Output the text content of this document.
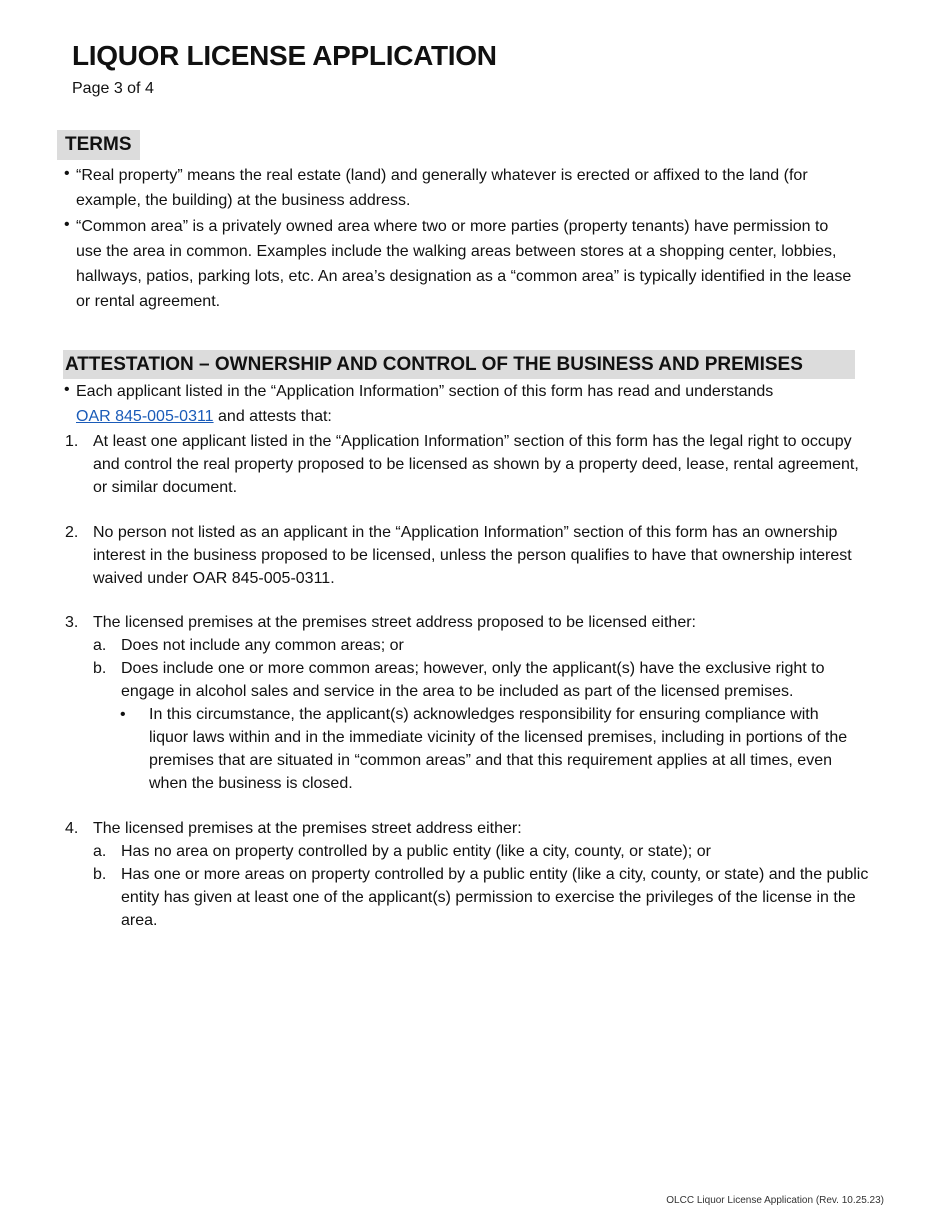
LIQUOR LICENSE APPLICATION
Page 3 of 4
TERMS
• “Real property” means the real estate (land) and generally whatever is erected or affixed to the land (for example, the building) at the business address.
• “Common area” is a privately owned area where two or more parties (property tenants) have permission to use the area in common. Examples include the walking areas between stores at a shopping center, lobbies, hallways, patios, parking lots, etc. An area’s designation as a “common area” is typically identified in the lease or rental agreement.
ATTESTATION – OWNERSHIP AND CONTROL OF THE BUSINESS AND PREMISES
• Each applicant listed in the “Application Information” section of this form has read and understands
OAR 845-005-0311 and attests that:
1. At least one applicant listed in the “Application Information” section of this form has the legal right to occupy and control the real property proposed to be licensed as shown by a property deed, lease, rental agreement, or similar document.
2. No person not listed as an applicant in the “Application Information” section of this form has an ownership interest in the business proposed to be licensed, unless the person qualifies to have that ownership interest waived under OAR 845-005-0311.
3. The licensed premises at the premises street address proposed to be licensed either:
a. Does not include any common areas; or
b. Does include one or more common areas; however, only the applicant(s) have the exclusive right to engage in alcohol sales and service in the area to be included as part of the licensed premises.
• In this circumstance, the applicant(s) acknowledges responsibility for ensuring compliance with liquor laws within and in the immediate vicinity of the licensed premises, including in portions of the premises that are situated in “common areas” and that this requirement applies at all times, even when the business is closed.
4. The licensed premises at the premises street address either:
a. Has no area on property controlled by a public entity (like a city, county, or state); or
b. Has one or more areas on property controlled by a public entity (like a city, county, or state) and the public entity has given at least one of the applicant(s) permission to exercise the privileges of the license in the area.
OLCC Liquor License Application (Rev. 10.25.23)
